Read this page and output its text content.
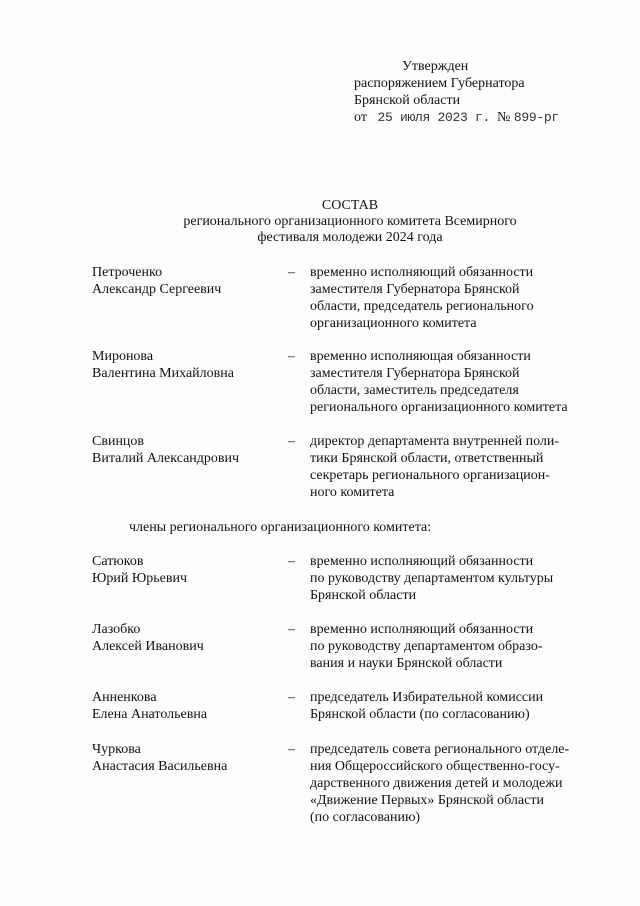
Утвержден
распоряжением Губернатора
Брянской области
от 25 июля 2023 г. № 899-рг
СОСТАВ
регионального организационного комитета Всемирного
фестиваля молодежи 2024 года
Петроченко
Александр Сергеевич
– временно исполняющий обязанности
заместителя Губернатора Брянской
области, председатель регионального
организационного комитета
Миронова
Валентина Михайловна
– временно исполняющая обязанности
заместителя Губернатора Брянской
области, заместитель председателя
регионального организационного комитета
Свинцов
Виталий Александрович
– директор департамента внутренней поли-
тики Брянской области, ответственный
секретарь регионального организацион-
ного комитета
члены регионального организационного комитета:
Сатюков
Юрий Юрьевич
– временно исполняющий обязанности
по руководству департаментом культуры
Брянской области
Лазобко
Алексей Иванович
– временно исполняющий обязанности
по руководству департаментом образо-
вания и науки Брянской области
Анненкова
Елена Анатольевна
– председатель Избирательной комиссии
Брянской области (по согласованию)
Чуркова
Анастасия Васильевна
– председатель совета регионального отделе-
ния Общероссийского общественно-госу-
дарственного движения детей и молодежи
«Движение Первых» Брянской области
(по согласованию)
